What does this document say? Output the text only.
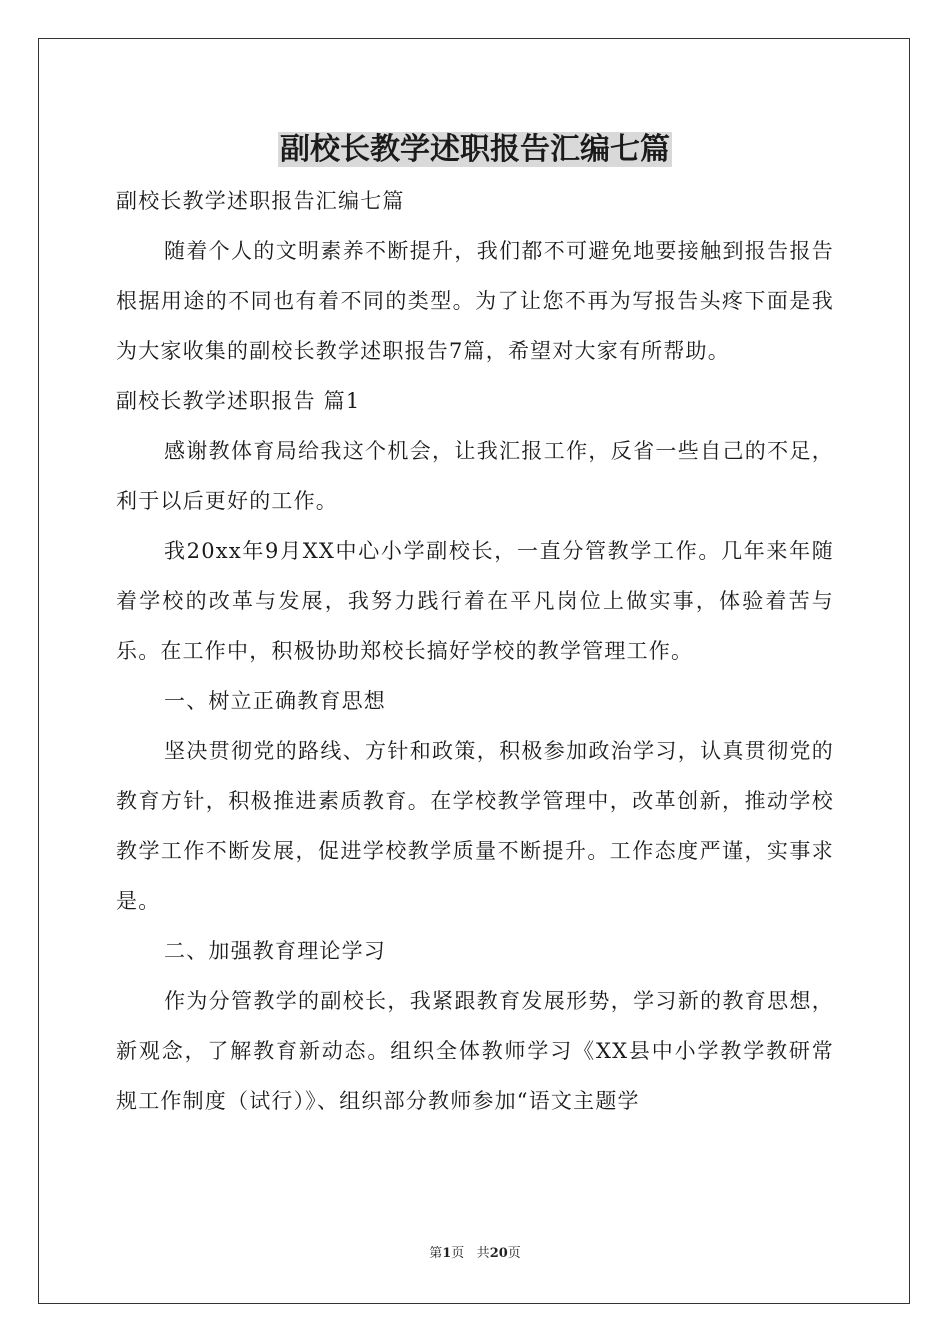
副校长教学述职报告汇编七篇

副校长教学述职报告汇编七篇

随着个人的文明素养不断提升，我们都不可避免地要接触到报告报告根据用途的不同也有着不同的类型。为了让您不再为写报告头疼下面是我为大家收集的副校长教学述职报告7篇，希望对大家有所帮助。

副校长教学述职报告 篇1

感谢教体育局给我这个机会，让我汇报工作，反省一些自己的不足，利于以后更好的工作。

我20xx年9月XX中心小学副校长，一直分管教学工作。几年来年随着学校的改革与发展，我努力践行着在平凡岗位上做实事，体验着苦与乐。在工作中，积极协助郑校长搞好学校的教学管理工作。

一、树立正确教育思想

坚决贯彻党的路线、方针和政策，积极参加政治学习，认真贯彻党的教育方针，积极推进素质教育。在学校教学管理中，改革创新，推动学校教学工作不断发展，促进学校教学质量不断提升。工作态度严谨，实事求是。

二、加强教育理论学习

作为分管教学的副校长，我紧跟教育发展形势，学习新的教育思想，新观念，了解教育新动态。组织全体教师学习《XX县中小学教学教研常规工作制度（试行）》、组织部分教师参加“语文主题学

第1页 共20页
